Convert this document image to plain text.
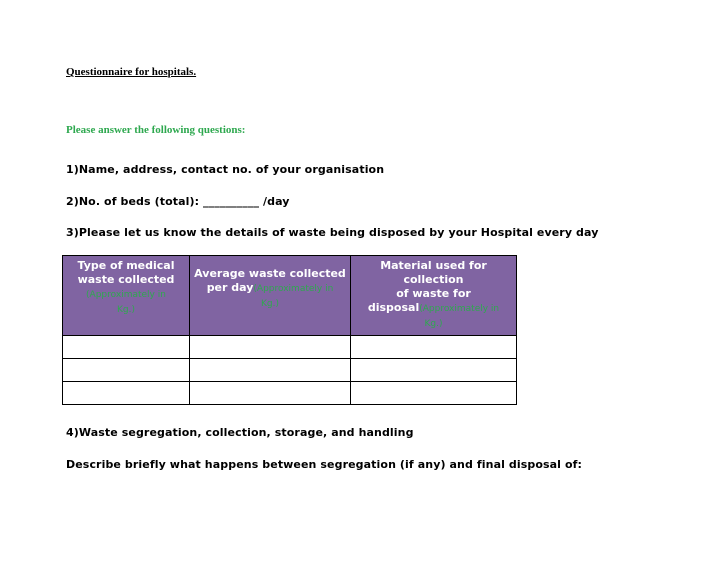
Questionnaire for hospitals.
Please answer the following questions:
1)Name, address, contact no. of your organisation
2)No. of beds (total): __________ /day
3)Please let us know the details of waste being disposed by your Hospital every day
Type of medical
waste collected
(Approximately in
Kg.)	Average waste collected
per day(Approximately in
Kg.)	Material used for collection
of waste for
disposal(Approximately in
Kg.)

4)Waste segregation, collection, storage, and handling
Describe briefly what happens between segregation (if any) and final disposal of:
